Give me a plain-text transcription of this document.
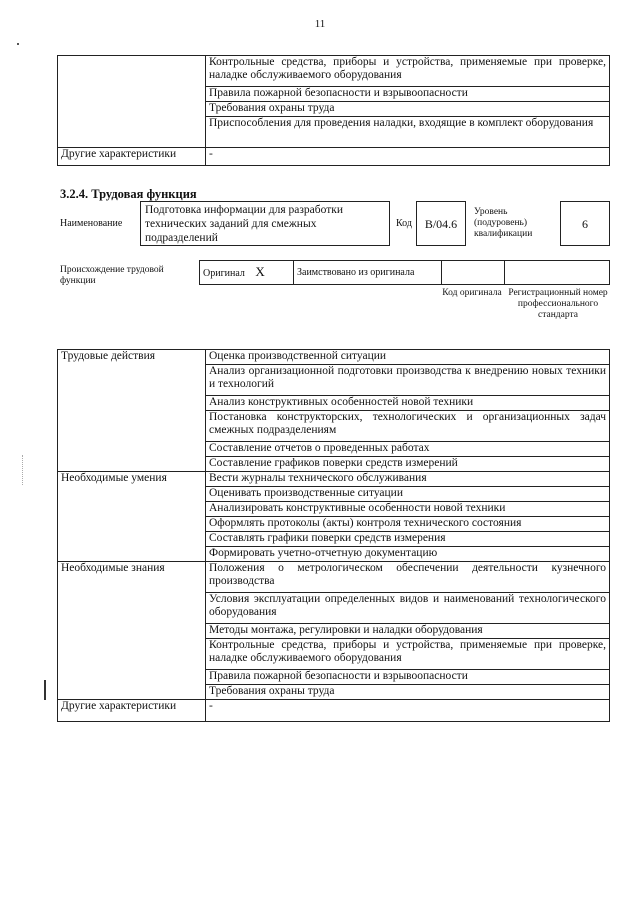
11
	Контрольные средства, приборы и устройства, применяемые при проверке, наладке обслуживаемого оборудования
	Правила пожарной безопасности и взрывоопасности
	Требования охраны труда
	Приспособления для проведения наладки, входящие в комплект оборудования
Другие характеристики	-
3.2.4. Трудовая функция
Наименование
Подготовка информации для разработки технических заданий для смежных подразделений
Код	B/04.6
Уровень (подуровень) квалификации
6
Происхождение трудовой функции
Оригинал X	Заимствовано из оригинала		
Код оригинала Регистрационный номер профессионального стандарта
Трудовые действия	Оценка производственной ситуации
	Анализ организационной подготовки производства к внедрению новых техники и технологий
	Анализ конструктивных особенностей новой техники
	Постановка конструкторских, технологических и организационных задач смежных подразделениям
	Составление отчетов о проведенных работах
	Составление графиков поверки средств измерений
Необходимые умения	Вести журналы технического обслуживания
	Оценивать производственные ситуации
	Анализировать конструктивные особенности новой техники
	Оформлять протоколы (акты) контроля технического состояния
	Составлять графики поверки средств измерения
	Формировать учетно-отчетную документацию
Необходимые знания	Положения о метрологическом обеспечении деятельности кузнечного производства
	Условия эксплуатации определенных видов и наименований технологического оборудования
	Методы монтажа, регулировки и наладки оборудования
	Контрольные средства, приборы и устройства, применяемые при проверке, наладке обслуживаемого оборудования
	Правила пожарной безопасности и взрывоопасности
	Требования охраны труда
Другие характеристики	-
